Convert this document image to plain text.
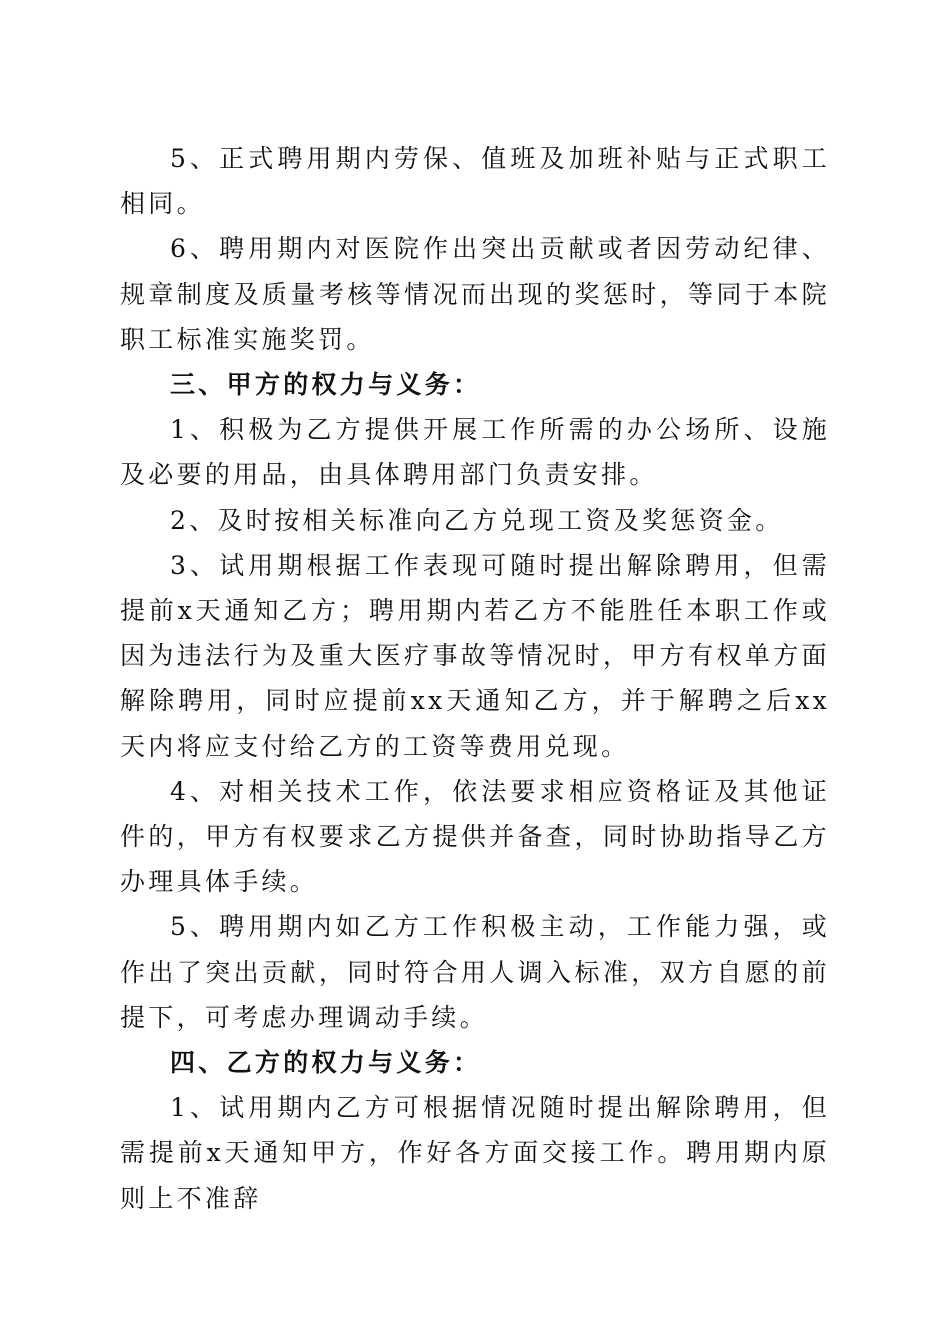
5、正式聘用期内劳保、值班及加班补贴与正式职工相同。

6、聘用期内对医院作出突出贡献或者因劳动纪律、规章制度及质量考核等情况而出现的奖惩时，等同于本院职工标准实施奖罚。

三、甲方的权力与义务：

1、积极为乙方提供开展工作所需的办公场所、设施及必要的用品，由具体聘用部门负责安排。

2、及时按相关标准向乙方兑现工资及奖惩资金。

3、试用期根据工作表现可随时提出解除聘用，但需提前x天通知乙方；聘用期内若乙方不能胜任本职工作或因为违法行为及重大医疗事故等情况时，甲方有权单方面解除聘用，同时应提前xx天通知乙方，并于解聘之后xx天内将应支付给乙方的工资等费用兑现。

4、对相关技术工作，依法要求相应资格证及其他证件的，甲方有权要求乙方提供并备查，同时协助指导乙方办理具体手续。

5、聘用期内如乙方工作积极主动，工作能力强，或作出了突出贡献，同时符合用人调入标准，双方自愿的前提下，可考虑办理调动手续。

四、乙方的权力与义务：

1、试用期内乙方可根据情况随时提出解除聘用，但需提前x天通知甲方，作好各方面交接工作。聘用期内原则上不准辞
